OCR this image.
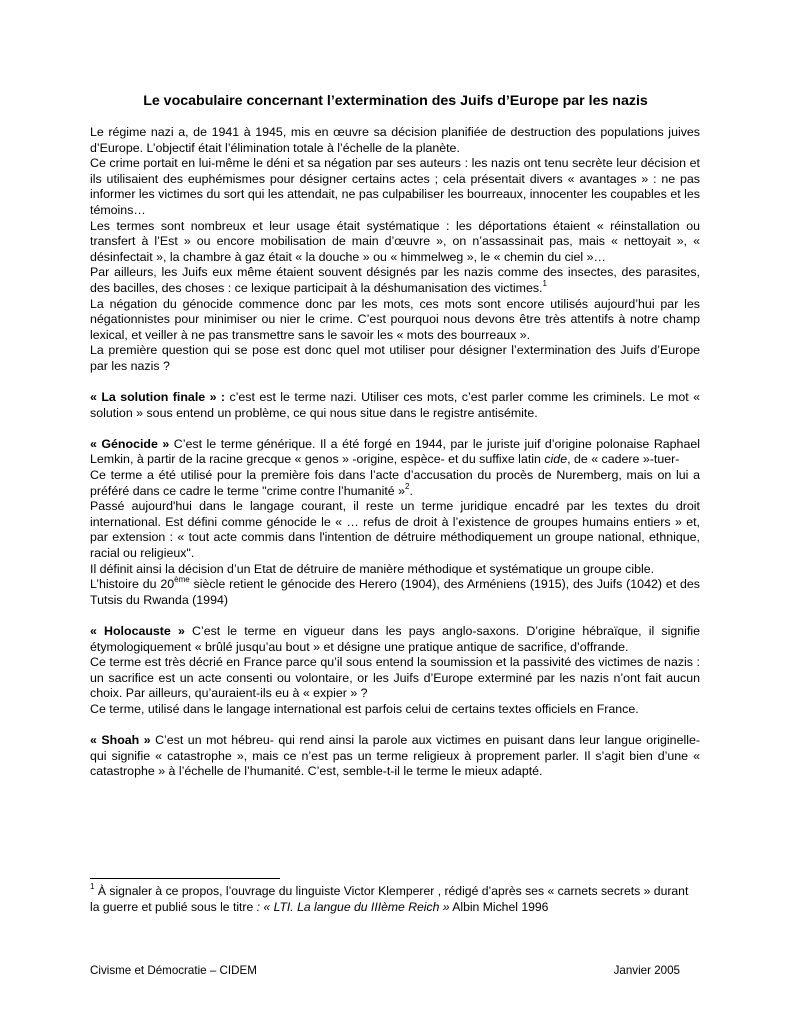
Le vocabulaire concernant l’extermination des Juifs d’Europe par les nazis

Le régime nazi a, de 1941 à 1945, mis en œuvre sa décision planifiée de destruction des populations juives d’Europe. L’objectif était l’élimination totale à l’échelle de la planète.

Ce crime portait en lui-même le déni et sa négation par ses auteurs : les nazis ont tenu secrète leur décision et ils utilisaient des euphémismes pour désigner certains actes ; cela présentait divers « avantages » : ne pas informer les victimes du sort qui les attendait, ne pas culpabiliser les bourreaux, innocenter les coupables et les témoins…

Les termes sont nombreux et leur usage était systématique : les déportations étaient « réinstallation ou transfert à l’Est » ou encore mobilisation de main d’œuvre », on n’assassinait pas, mais « nettoyait », « désinfectait », la chambre à gaz était « la douche » ou « himmelweg », le « chemin du ciel »…

Par ailleurs, les Juifs eux même étaient souvent désignés par les nazis comme des insectes, des parasites, des bacilles, des choses : ce lexique participait à la déshumanisation des victimes.$^1$

La négation du génocide commence donc par les mots, ces mots sont encore utilisés aujourd’hui par les négationnistes pour minimiser ou nier le crime. C’est pourquoi nous devons être très attentifs à notre champ lexical, et veiller à ne pas transmettre sans le savoir les « mots des bourreaux ».

La première question qui se pose est donc quel mot utiliser pour désigner l’extermination des Juifs d’Europe par les nazis ?

« La solution finale » : c’est est le terme nazi. Utiliser ces mots, c’est parler comme les criminels. Le mot « solution » sous entend un problème, ce qui nous situe dans le registre antisémite.

« Génocide » C’est le terme générique. Il a été forgé en 1944, par le juriste juif d’origine polonaise Raphael Lemkin, à partir de la racine grecque « genos » -origine, espèce- et du suffixe latin cide, de « cadere »-tuer-

Ce terme a été utilisé pour la première fois dans l’acte d’accusation du procès de Nuremberg, mais on lui a préféré dans ce cadre le terme "crime contre l’humanité »$^2$.

Passé aujourd'hui dans le langage courant, il reste un terme juridique encadré par les textes du droit international. Est défini comme génocide le « … refus de droit à l’existence de groupes humains entiers » et, par extension : « tout acte commis dans l'intention de détruire méthodiquement un groupe national, ethnique, racial ou religieux".

Il définit ainsi la décision d’un Etat de détruire de manière méthodique et systématique un groupe cible.

L’histoire du 20ème siècle retient le génocide des Herero (1904), des Arméniens (1915), des Juifs (1042) et des Tutsis du Rwanda (1994)

« Holocauste » C’est le terme en vigueur dans les pays anglo-saxons. D’origine hébraïque, il signifie étymologiquement « brûlé jusqu’au bout » et désigne une pratique antique de sacrifice, d’offrande.

Ce terme est très décrié en France parce qu’il sous entend la soumission et la passivité des victimes de nazis : un sacrifice est un acte consenti ou volontaire, or les Juifs d’Europe exterminé par les nazis n’ont fait aucun choix. Par ailleurs, qu’auraient-ils eu à « expier » ?

Ce terme, utilisé dans le langage international est parfois celui de certains textes officiels en France.

« Shoah » C’est un mot hébreu- qui rend ainsi la parole aux victimes en puisant dans leur langue originelle- qui signifie « catastrophe », mais ce n’est pas un terme religieux à proprement parler. Il s’agit bien d’une « catastrophe » à l’échelle de l’humanité. C’est, semble-t-il le terme le mieux adapté.

$^1$ À signaler à ce propos, l’ouvrage du linguiste Victor Klemperer , rédigé d’après ses « carnets secrets » durant la guerre et publié sous le titre : « LTI. La langue du IIIème Reich » Albin Michel 1996
Civisme et Démocratie – CIDEM	Janvier 2005
